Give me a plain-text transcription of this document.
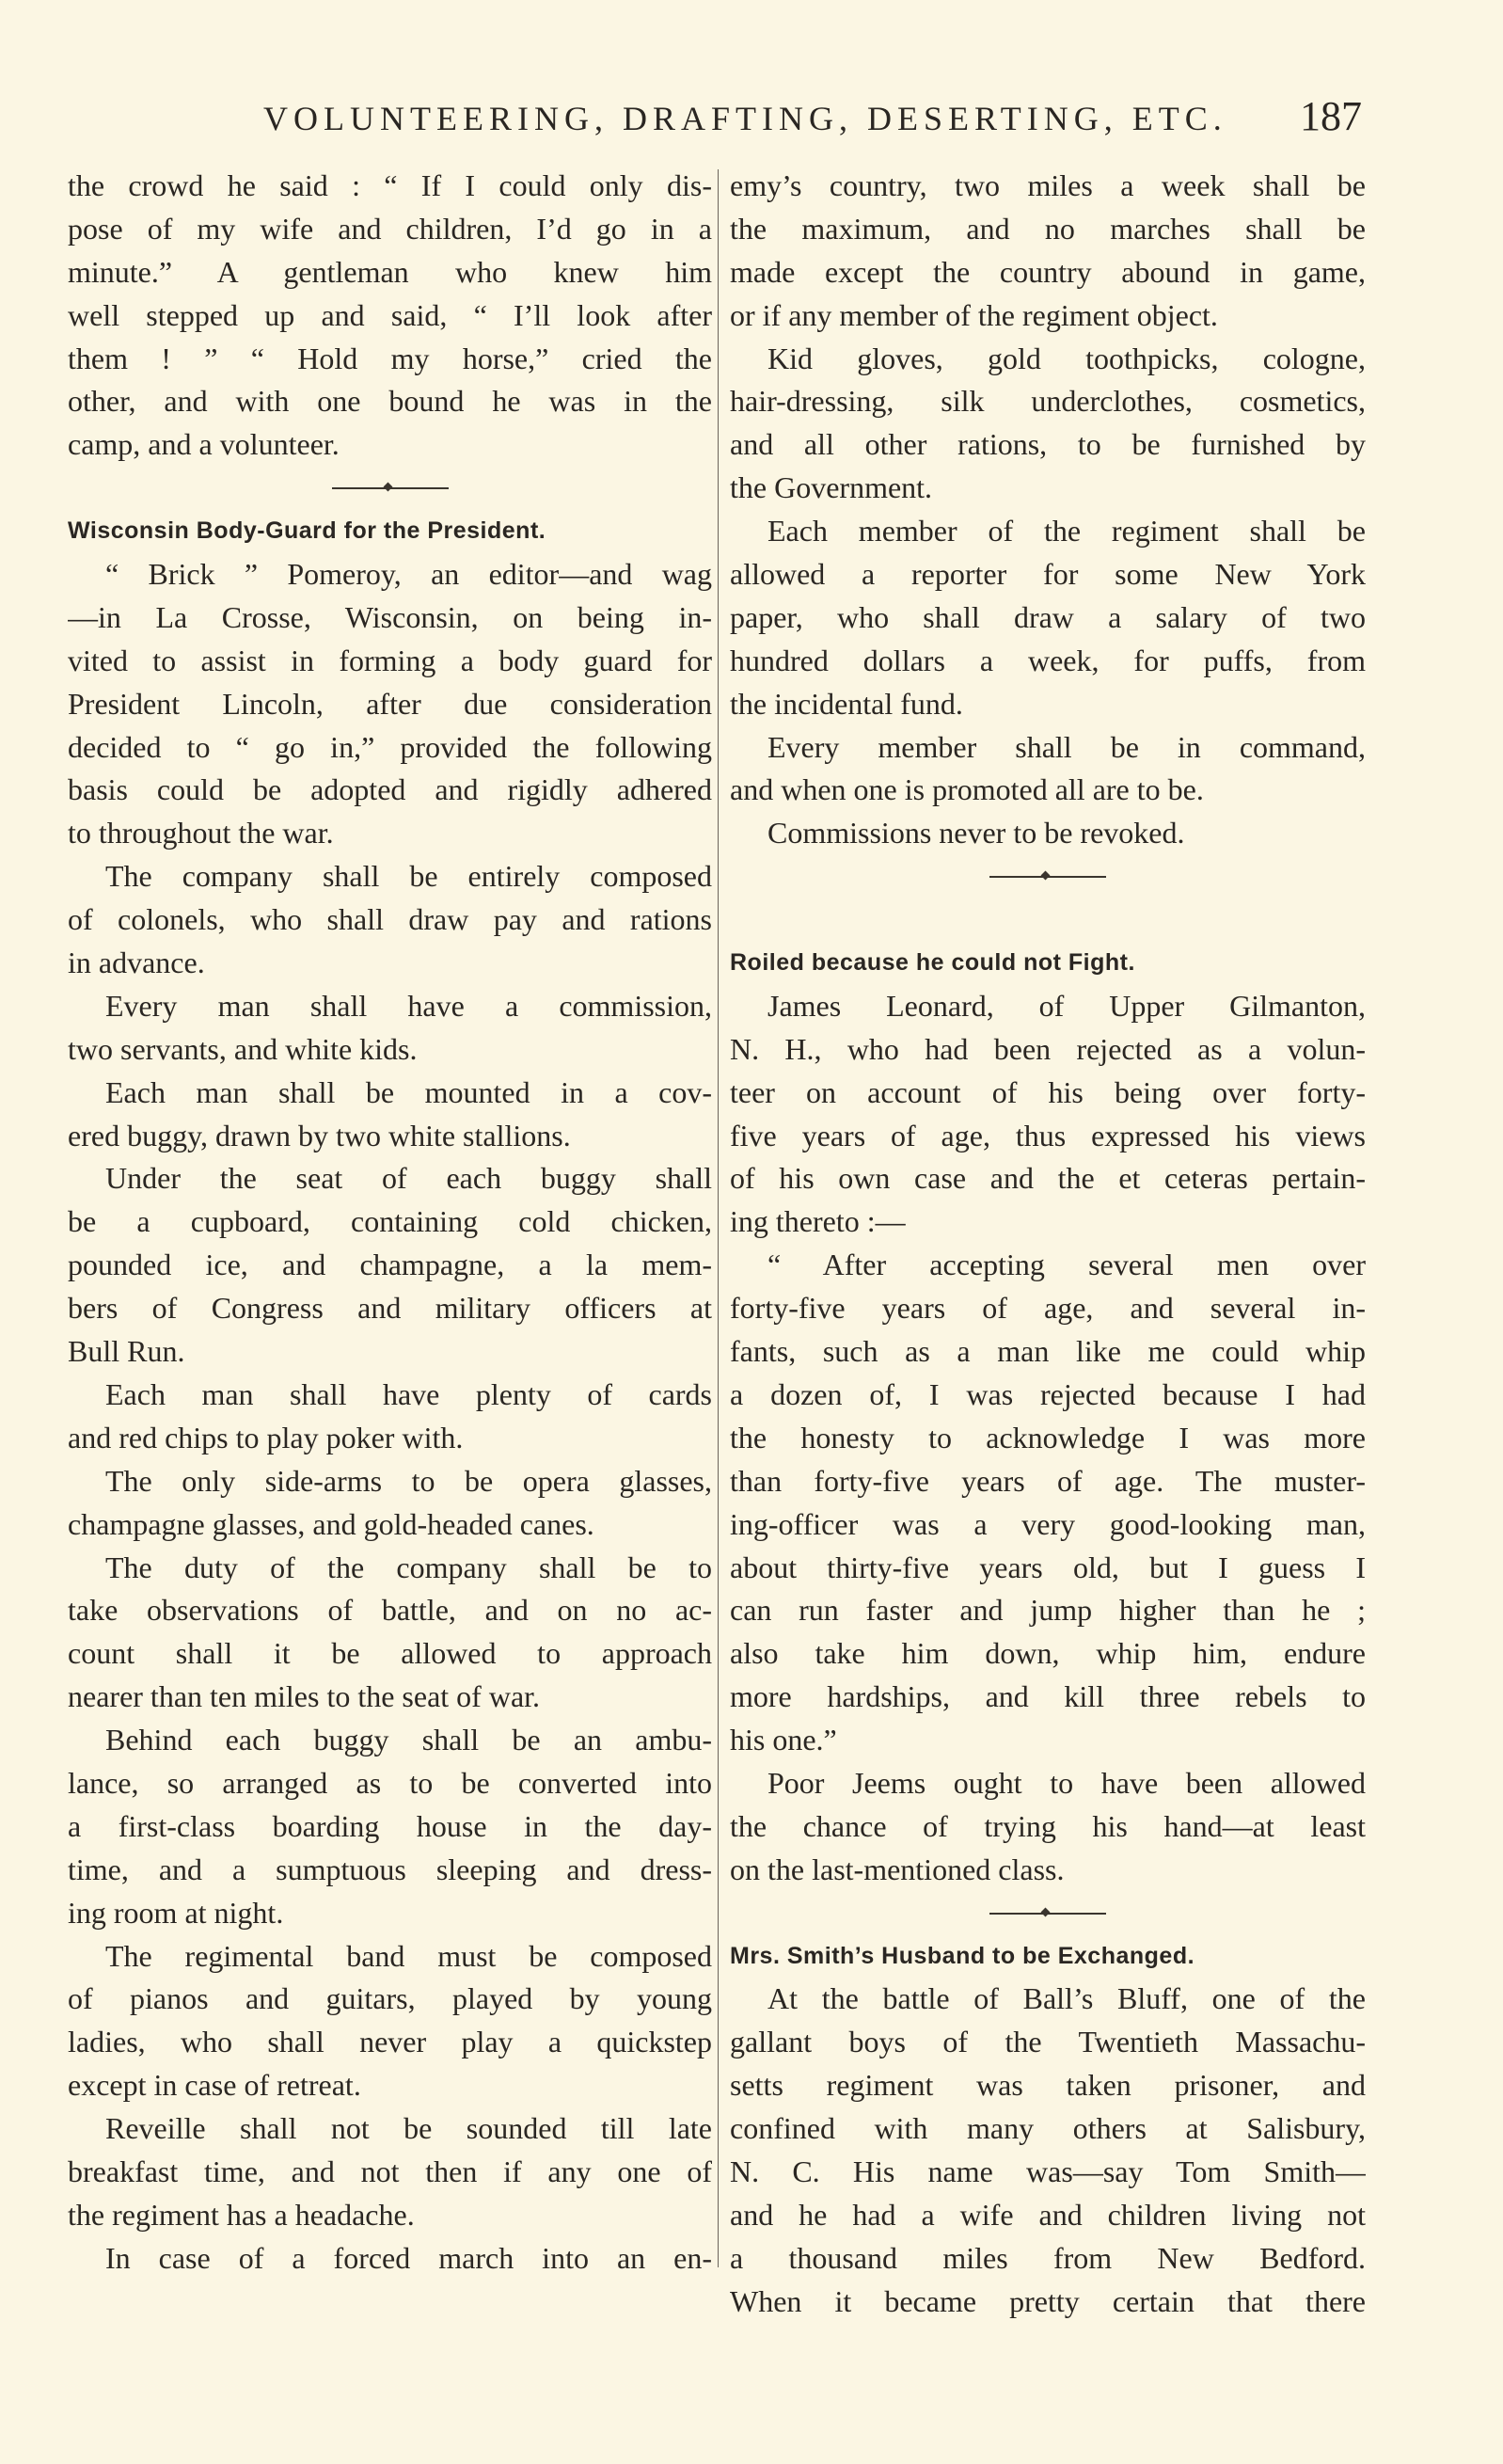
VOLUNTEERING, DRAFTING, DESERTING, ETC.	187
the crowd he said : “ If I could only dis-
pose of my wife and children, I’d go in a
minute.” A gentleman who knew him
well stepped up and said, “ I’ll look after
them ! ” “ Hold my horse,” cried the
other, and with one bound he was in the
camp, and a volunteer.
Wisconsin Body-Guard for the President.
“ Brick ” Pomeroy, an editor—and wag
—in La Crosse, Wisconsin, on being in-
vited to assist in forming a body guard for
President Lincoln, after due consideration
decided to “ go in,” provided the following
basis could be adopted and rigidly adhered
to throughout the war.
The company shall be entirely composed
of colonels, who shall draw pay and rations
in advance.
Every man shall have a commission,
two servants, and white kids.
Each man shall be mounted in a cov-
ered buggy, drawn by two white stallions.
Under the seat of each buggy shall
be a cupboard, containing cold chicken,
pounded ice, and champagne, a la mem-
bers of Congress and military officers at
Bull Run.
Each man shall have plenty of cards
and red chips to play poker with.
The only side-arms to be opera glasses,
champagne glasses, and gold-headed canes.
The duty of the company shall be to
take observations of battle, and on no ac-
count shall it be allowed to approach
nearer than ten miles to the seat of war.
Behind each buggy shall be an ambu-
lance, so arranged as to be converted into
a first-class boarding house in the day-
time, and a sumptuous sleeping and dress-
ing room at night.
The regimental band must be composed
of pianos and guitars, played by young
ladies, who shall never play a quickstep
except in case of retreat.
Reveille shall not be sounded till late
breakfast time, and not then if any one of
the regiment has a headache.
In case of a forced march into an en-
emy’s country, two miles a week shall be
the maximum, and no marches shall be
made except the country abound in game,
or if any member of the regiment object.
Kid gloves, gold toothpicks, cologne,
hair-dressing, silk underclothes, cosmetics,
and all other rations, to be furnished by
the Government.
Each member of the regiment shall be
allowed a reporter for some New York
paper, who shall draw a salary of two
hundred dollars a week, for puffs, from
the incidental fund.
Every member shall be in command,
and when one is promoted all are to be.
Commissions never to be revoked.
Roiled because he could not Fight.
James Leonard, of Upper Gilmanton,
N. H., who had been rejected as a volun-
teer on account of his being over forty-
five years of age, thus expressed his views
of his own case and the et ceteras pertain-
ing thereto :—
“ After accepting several men over
forty-five years of age, and several in-
fants, such as a man like me could whip
a dozen of, I was rejected because I had
the honesty to acknowledge I was more
than forty-five years of age. The muster-
ing-officer was a very good-looking man,
about thirty-five years old, but I guess I
can run faster and jump higher than he ;
also take him down, whip him, endure
more hardships, and kill three rebels to
his one.”
Poor Jeems ought to have been allowed
the chance of trying his hand—at least
on the last-mentioned class.
Mrs. Smith’s Husband to be Exchanged.
At the battle of Ball’s Bluff, one of the
gallant boys of the Twentieth Massachu-
setts regiment was taken prisoner, and
confined with many others at Salisbury,
N. C. His name was—say Tom Smith—
and he had a wife and children living not
a thousand miles from New Bedford.
When it became pretty certain that there
